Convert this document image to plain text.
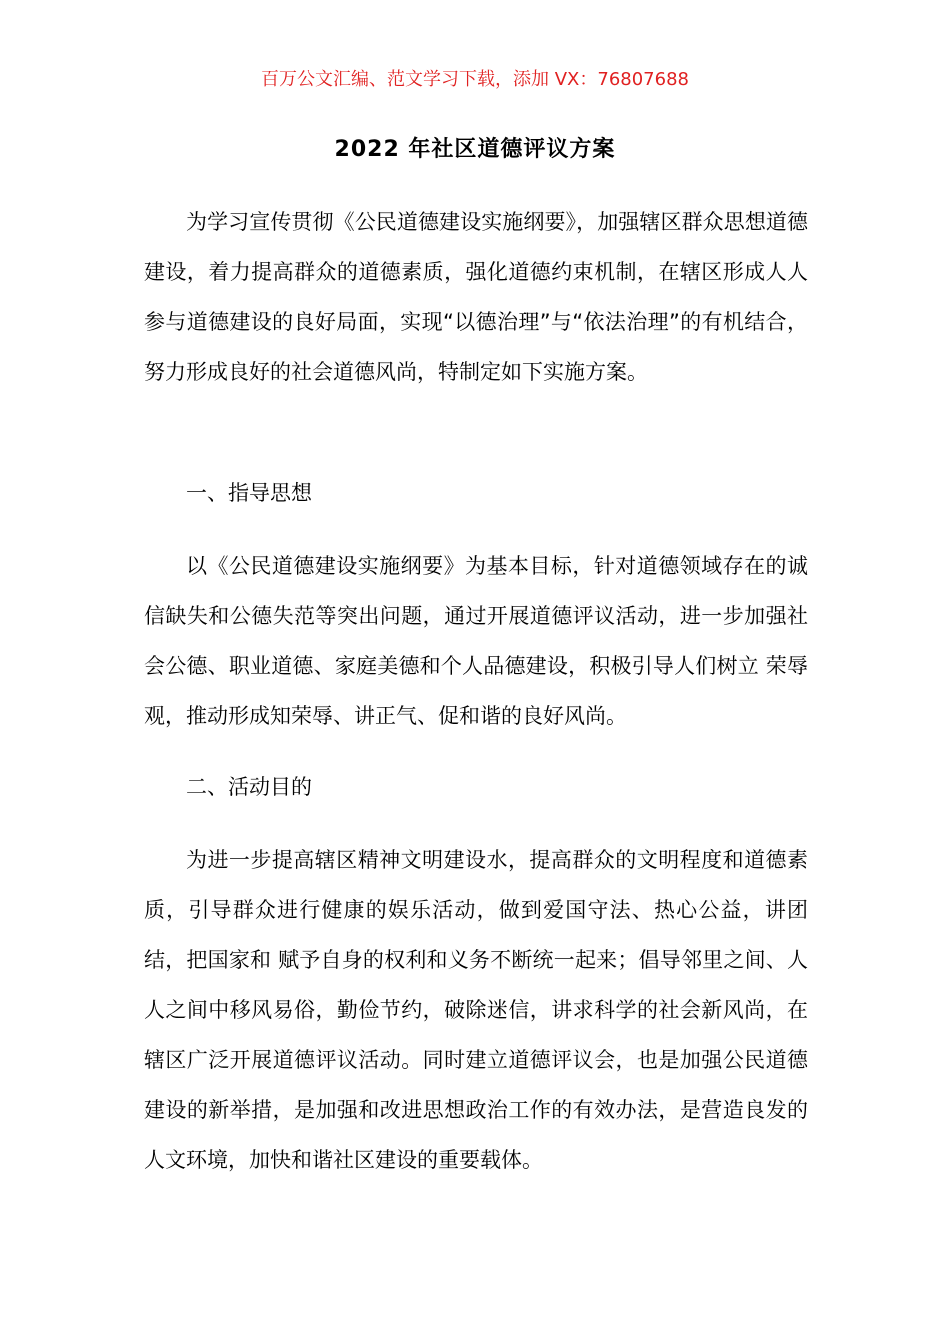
百万公文汇编、范文学习下载，添加 VX：76807688
2022 年社区道德评议方案

为学习宣传贯彻《公民道德建设实施纲要》，加强辖区群众思想道德建设，着力提高群众的道德素质，强化道德约束机制，在辖区形成人人参与道德建设的良好局面，实现“以德治理”与“依法治理”的有机结合，努力形成良好的社会道德风尚，特制定如下实施方案。

一、指导思想

以《公民道德建设实施纲要》为基本目标，针对道德领域存在的诚信缺失和公德失范等突出问题，通过开展道德评议活动，进一步加强社会公德、职业道德、家庭美德和个人品德建设，积极引导人们树立 荣辱观，推动形成知荣辱、讲正气、促和谐的良好风尚。

二、活动目的

为进一步提高辖区精神文明建设水，提高群众的文明程度和道德素质，引导群众进行健康的娱乐活动，做到爱国守法、热心公益，讲团结，把国家和 赋予自身的权利和义务不断统一起来；倡导邻里之间、人人之间中移风易俗，勤俭节约，破除迷信，讲求科学的社会新风尚，在辖区广泛开展道德评议活动。同时建立道德评议会，也是加强公民道德建设的新举措，是加强和改进思想政治工作的有效办法，是营造良发的人文环境，加快和谐社区建设的重要载体。
